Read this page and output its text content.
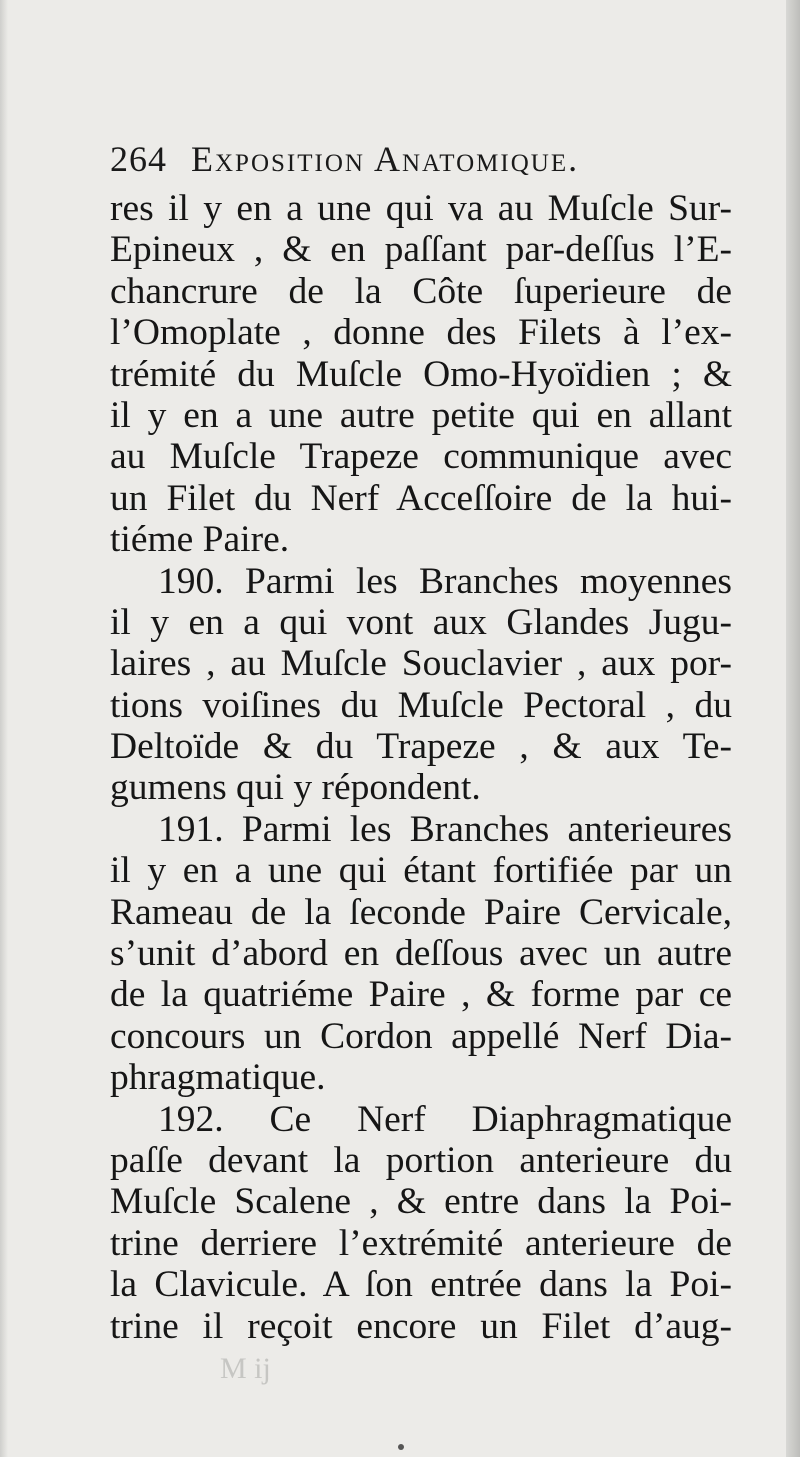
264 Exposition Anatomique.
res il y en a une qui va au Muſcle Sur-
Epineux , & en paſſant par-deſſus l’E-
chancrure de la Côte ſuperieure de
l’Omoplate , donne des Filets à l’ex-
trémité du Muſcle Omo-Hyoïdien ; &
il y en a une autre petite qui en allant
au Muſcle Trapeze communique avec
un Filet du Nerf Acceſſoire de la hui-
tiéme Paire.
190. Parmi les Branches moyennes
il y en a qui vont aux Glandes Jugu-
laires , au Muſcle Souclavier , aux por-
tions voiſines du Muſcle Pectoral , du
Deltoïde & du Trapeze , & aux Te-
gumens qui y répondent.
191. Parmi les Branches anterieures
il y en a une qui étant fortifiée par un
Rameau de la ſeconde Paire Cervicale,
s’unit d’abord en deſſous avec un autre
de la quatriéme Paire , & forme par ce
concours un Cordon appellé Nerf Dia-
phragmatique.
192. Ce Nerf Diaphragmatique
paſſe devant la portion anterieure du
Muſcle Scalene , & entre dans la Poi-
trine derriere l’extrémité anterieure de
la Clavicule. A ſon entrée dans la Poi-
trine il reçoit encore un Filet d’aug-
M ij
